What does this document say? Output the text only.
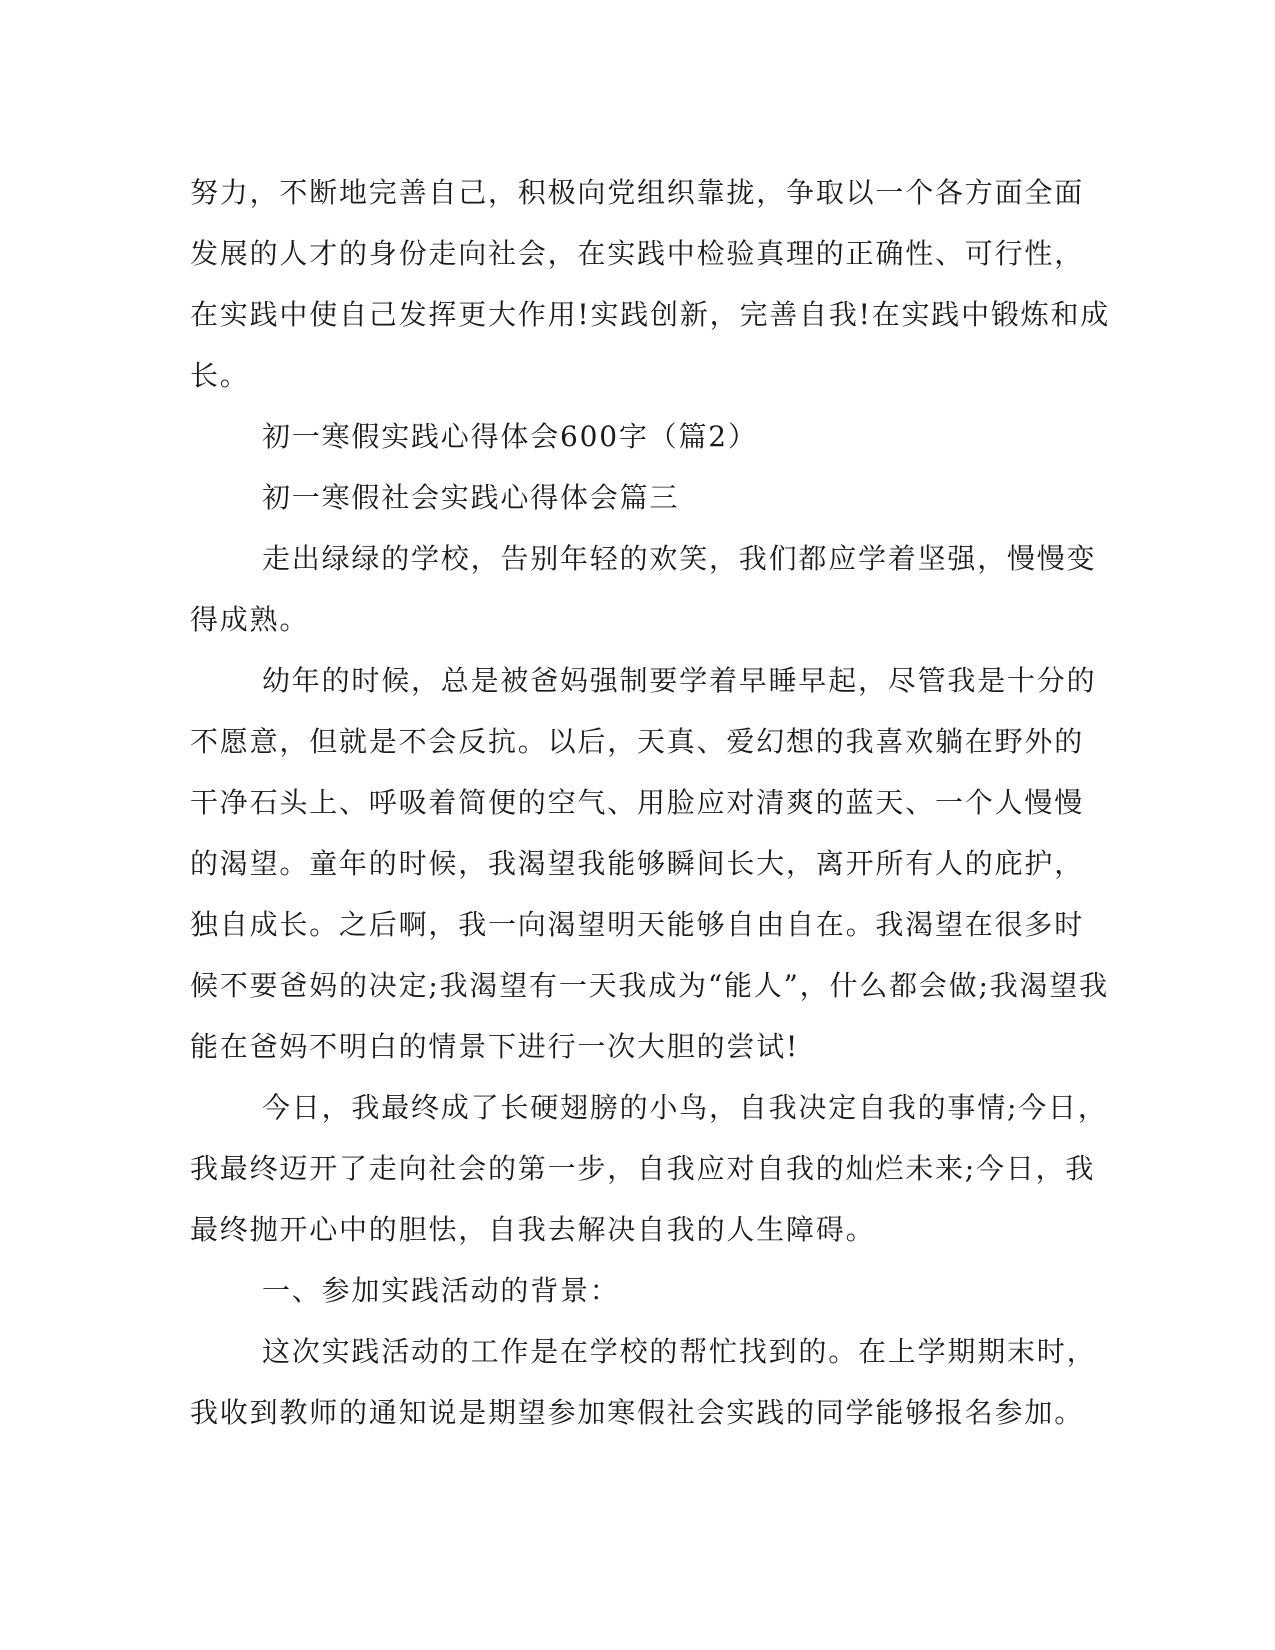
努力，不断地完善自己，积极向党组织靠拢，争取以一个各方面全面
发展的人才的身份走向社会，在实践中检验真理的正确性、可行性，
在实践中使自己发挥更大作用!实践创新，完善自我!在实践中锻炼和成
长。
初一寒假实践心得体会600字（篇2）
初一寒假社会实践心得体会篇三
走出绿绿的学校，告别年轻的欢笑，我们都应学着坚强，慢慢变
得成熟。
幼年的时候，总是被爸妈强制要学着早睡早起，尽管我是十分的
不愿意，但就是不会反抗。以后，天真、爱幻想的我喜欢躺在野外的
干净石头上、呼吸着简便的空气、用脸应对清爽的蓝天、一个人慢慢
的渴望。童年的时候，我渴望我能够瞬间长大，离开所有人的庇护，
独自成长。之后啊，我一向渴望明天能够自由自在。我渴望在很多时
候不要爸妈的决定;我渴望有一天我成为“能人”，什么都会做;我渴望我
能在爸妈不明白的情景下进行一次大胆的尝试!
今日，我最终成了长硬翅膀的小鸟，自我决定自我的事情;今日，
我最终迈开了走向社会的第一步，自我应对自我的灿烂未来;今日，我
最终抛开心中的胆怯，自我去解决自我的人生障碍。
一、参加实践活动的背景：
这次实践活动的工作是在学校的帮忙找到的。在上学期期末时，
我收到教师的通知说是期望参加寒假社会实践的同学能够报名参加。
